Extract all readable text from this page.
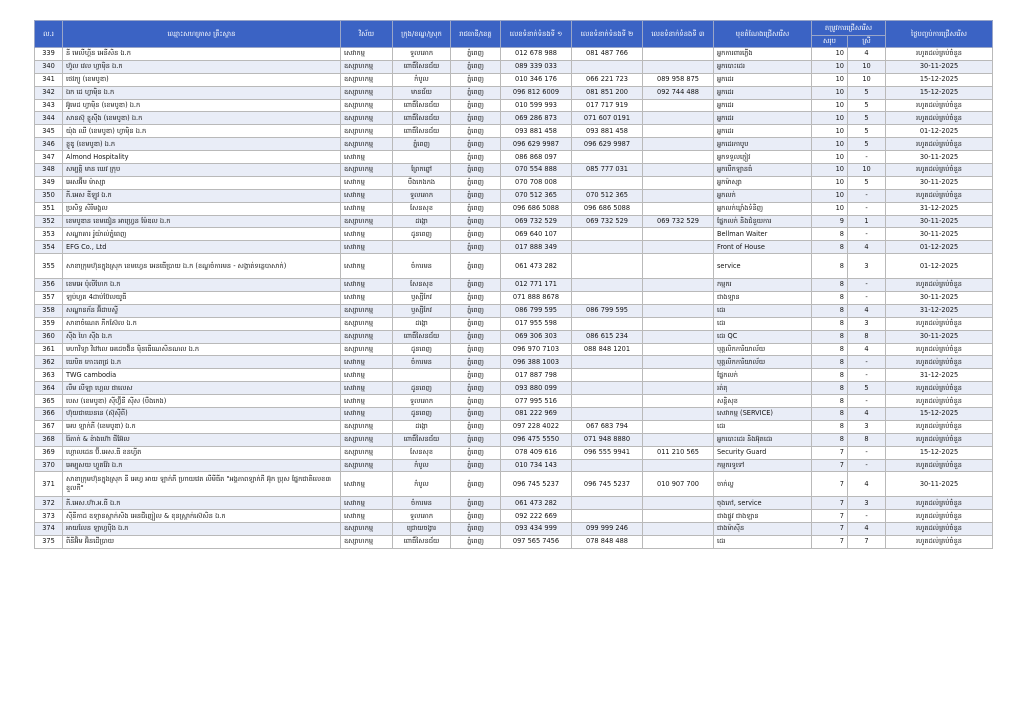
ល.រ	ឈ្មោះសហគ្រាស គ្រឹះស្ថាន	វិស័យ	ក្រុង/ខណ្ឌ/ស្រុក	រាជធានី/ខេត្ត	លេខទំនាក់ទំនងទី ១	លេខទំនាក់ទំនងទី ២	លេខទំនាក់ទំនងទី ៣	មុខតំណែងជ្រើសរើស	តម្រូវការជ្រើសរើស		ថ្ងៃបញ្ចប់ការជ្រើសរើស
									សរុប	ស្រី	
339	នី មេលីហ្គីន អេនីសិន ឯ.ក	សេវាកម្ម	ទួលគោក	ភ្នំពេញ	012 678 988	081 487 766		អ្នកការពារភ្លើង	10	4	រហូតដល់គ្រប់ចំនួន
340	ហ៊ួល វេល ហ្វាម៉ិន ឯ.ក	ឧស្សាហកម្ម	ពោធិ៍សែនជ័យ	ភ្នំពេញ	089 339 033			អ្នកបោះដេរ	10	10	30-11-2025
341	ថេវភ្យូ (ខេមបូឌា)	ឧស្សាហកម្ម	កំបូល	ភ្នំពេញ	010 346 176	066 221 723	089 958 875	អ្នកដេរ	10	10	15-12-2025
342	ឯក ដេ ហ្វាម៉ិន ឯ.ក	ឧស្សាហកម្ម	មានជ័យ	ភ្នំពេញ	096 812 6009	081 851 200	092 744 488	អ្នកដេរ	10	5	15-12-2025
343	អ៊ូមេដ ហ្វាម៉ិន (ខេមបូឌា) ឯ.ក	ឧស្សាហកម្ម	ពោធិ៍សែនជ័យ	ភ្នំពេញ	010 599 993	017 717 919		អ្នកដេរ	10	5	រហូតដល់គ្រប់ចំនួន
344	សានស៊ុ ខ្លូស៊ីង (ខេមបូឌា) ឯ.ក	ឧស្សាហកម្ម	ពោធិ៍សែនជ័យ	ភ្នំពេញ	069 286 873	071 607 0191		អ្នកដេរ	10	5	រហូតដល់គ្រប់ចំនួន
345	យ៉ុង ឈី (ខេមបូឌា) ហ្វាម៉ិន ឯ.ក	ឧស្សាហកម្ម	ពោធិ៍សែនជ័យ	ភ្នំពេញ	093 881 458	093 881 458		អ្នកដេរ	10	5	01-12-2025
346	ខ្លូឌូ (ខេមបូឌា) ឯ.ក	ឧស្សាហកម្ម	ភ្នំពេញ	ភ្នំពេញ	096 629 9987	096 629 9987		អ្នកដេរកាបូប	10	5	រហូតដល់គ្រប់ចំនួន
347	Almond Hospitality	សេវាកម្ម		ភ្នំពេញ	086 868 097			អ្នកទទួលភ្ញៀវ	10	-	30-11-2025
348	សម្បត្តិ មាន ឃេវ ក្រុប	ឧស្សាហកម្ម	ព្រែកព្នៅ	ភ្នំពេញ	070 554 888	085 777 031		អ្នកបើកឡានធំ	10	10	រហូតដល់គ្រប់ចំនួន
349	អេសអ៊ីម ម៉ាស្សា	សេវាកម្ម	បឹងកេងកង	ភ្នំពេញ	070 708 008			អ្នកម៉ាស្សា	10	5	30-11-2025
350	ភី.អេស ឌីឡូវ ឯ.ក	សេវាកម្ម	ទួលគោក	ភ្នំពេញ	070 512 365	070 512 365		អ្នកលក់	10	-	រហូតដល់គ្រប់ចំនួន
351	ប្រសិទ្ធ សិរីមង្គល	សេវាកម្ម	សែនសុខ	ភ្នំពេញ	096 686 5088	096 686 5088		អ្នកលក់ឃ្លាំងទំនិញ	10	-	31-12-2025
352	ខេមបូឌាន ខេមផៀន អាហ្វ្រេន ម៉ែឌល ឯ.ក	ឧស្សាហកម្ម	ដង្កោ	ភ្នំពេញ	069 732 529	069 732 529	069 732 529	ផ្នែកលក់ និងជំនួយការ	9	1	30-11-2025
353	សណ្ឋាគារ រ៉ូយ៉ាល់ភ្នំពេញ	សេវាកម្ម	ដូនពេញ	ភ្នំពេញ	069 640 107			Bellman Waiter	8	-	30-11-2025
354	EFG Co., Ltd	សេវាកម្ម		ភ្នំពេញ	017 888 349			Front of House	8	4	01-12-2025
355	សាខាក្រុមហ៊ុនក្នុងស្រុក ខេមហ្វេន អេនធើប្រាយ ឯ.ក (ខណ្ឌចំការមន - សង្កាត់ទន្លេបាសាក់)	សេវាកម្ម	ចំការមន	ភ្នំពេញ	061 473 282			service	8	3	01-12-2025
356	ខេមអេ ប៉ុលីហែក ឯ.ក	សេវាកម្ម	សែនសុខ	ភ្នំពេញ	012 771 171			កម្មករ	8	-	រហូតដល់គ្រប់ចំនួន
357	ឡប់ហ្វត 4ដាប់ប៊ែលយូធី	សេវាកម្ម	ឫស្សីកែវ	ភ្នំពេញ	071 888 8678			ជាងឡាន	8	-	30-11-2025
358	សណ្ឋានភ័ន អ៊ីដាបស្ទី	ឧស្សាហកម្ម	ឫស្សីកែវ	ភ្នំពេញ	086 799 595	086 799 595		ដេរ	8	4	31-12-2025
359	សាខាចំណេត ភីកស៊ែល ឯ.ក	ឧស្សាហកម្ម	ដង្កោ	ភ្នំពេញ	017 955 598			ដេរ	8	3	រហូតដល់គ្រប់ចំនួន
360	ស៊ីង ហៃ ស៊ីង ឯ.ក	ឧស្សាហកម្ម	ពោធិ៍សែនជ័យ	ភ្នំពេញ	069 306 303	086 615 234		ដេរ QC	8	8	30-11-2025
361	មហាវិទ្យា វិវៅលេ អេដេចង៊ិន ម៉ិនធើណេសិនណល ឯ.ក	ឧស្សាហកម្ម	ដូនពេញ	ភ្នំពេញ	096 970 7103	088 848 1201		បុគ្គលិកការិយាល័យ	8	4	រហូតដល់គ្រប់ចំនួន
362	ឃេបិត កោះពេជ្រ ឯ.ក	សេវាកម្ម	ចំការមន	ភ្នំពេញ	096 388 1003			បុគ្គលិកការិយាល័យ	8	-	រហូតដល់គ្រប់ចំនួន
363	TWG cambodia	សេវាកម្ម		ភ្នំពេញ	017 887 798			ផ្នែកលក់	8	-	31-12-2025
364	លឹម លីឡា ហ្គេល ផាលេស	សេវាកម្ម	ដូនពេញ	ភ្នំពេញ	093 880 099			រត់តុ	8	5	រហូតដល់គ្រប់ចំនួន
365	បេស (ខេមបូឌា) ស៊ីហ្វ៊ីនី ស៊ីស (បឹងកេង)	សេវាកម្ម	ទួលគោក	ភ្នំពេញ	077 995 516			សន្តិសុខ	8	-	រហូតដល់គ្រប់ចំនួន
366	ហ៊ុយជាឃេននេ (ស៊ុស៊ីពី)	សេវាកម្ម	ដូនពេញ	ភ្នំពេញ	081 222 969			សេវាកម្ម (SERVICE)	8	4	15-12-2025
367	អេប ឡាក់ភី (ខេមបូឌា) ឯ.ក	ឧស្សាហកម្ម	ដង្កោ	ភ្នំពេញ	097 228 4022	067 683 794		ដេរ	8	3	រហូតដល់គ្រប់ចំនួន
368	រ៉ៃតាក់ & ខ៉ាងហ៊ោ ផីអ៊ែល	ឧស្សាហកម្ម	ពោធិ៍សែនជ័យ	ភ្នំពេញ	096 475 5550	071 948 8880		អ្នកបោះដេរ និងអ៊ុតដេរ	8	8	រហូតដល់គ្រប់ចំនួន
369	ហ្គោលដេន ប៊ី.អេស.ធី ខនហ្វីត	ឧស្សាហកម្ម	សែនសុខ	ភ្នំពេញ	078 409 616	096 555 9941	011 210 565	Security Guard	7	-	15-12-2025
370	អេម្បុសយ ហ្វូតវ៉ែរ ឯ.ក	ឧស្សាហកម្ម	កំបូល	ភ្នំពេញ	010 734 143			កម្មករទូទៅ	7	-	រហូតដល់គ្រប់ចំនួន
371	សាខាក្រុមហ៊ុនក្នុងស្រុក នី អេហ្វ អាយ ឡាក់ភី ហ្រាយវេត លីមីធីត "អង្គភាពឡាក់ភី អ៊ុក ប្រុស ផ្នែកជាតិលេខ៣ ខួលកី"	សេវាកម្ម	កំបូល	ភ្នំពេញ	096 745 5237	096 745 5237	010 907 700	ចាក់ល្ហ	7	4	30-11-2025
372	ភី.អេស.ហ៊ា.អ.ធី ឯ.ក	សេវាកម្ម	ចំការមន	ភ្នំពេញ	061 473 282			ចុងភៅ, service	7	3	រហូតដល់គ្រប់ចំនួន
373	ស៊ីនីកាដ ឧទ្យានស្ដាក់សិង អេនជីញៀល & ខុនស្ដ្រាក់ស៊េសិន ឯ.ក	សេវាកម្ម	ទួលគោក	ភ្នំពេញ	092 222 669			ជាងផ្លូវ ជាងឡាន	7	-	រហូតដល់គ្រប់ចំនួន
374	អាយលែន ឡាហ្វប៉ិង ឯ.ក	ឧស្សាហកម្ម	ជ្រោយចង្វារ	ភ្នំពេញ	093 434 999	099 999 246		ជាងម៉ាស៊ីន	7	4	រហូតដល់គ្រប់ចំនួន
375	ពីនីអ៊ិម អ៊ិនដើប្រាយ	ឧស្សាហកម្ម	ពោធិ៍សែនជ័យ	ភ្នំពេញ	097 565 7456	078 848 488		ដេរ	7	7	រហូតដល់គ្រប់ចំនួន
